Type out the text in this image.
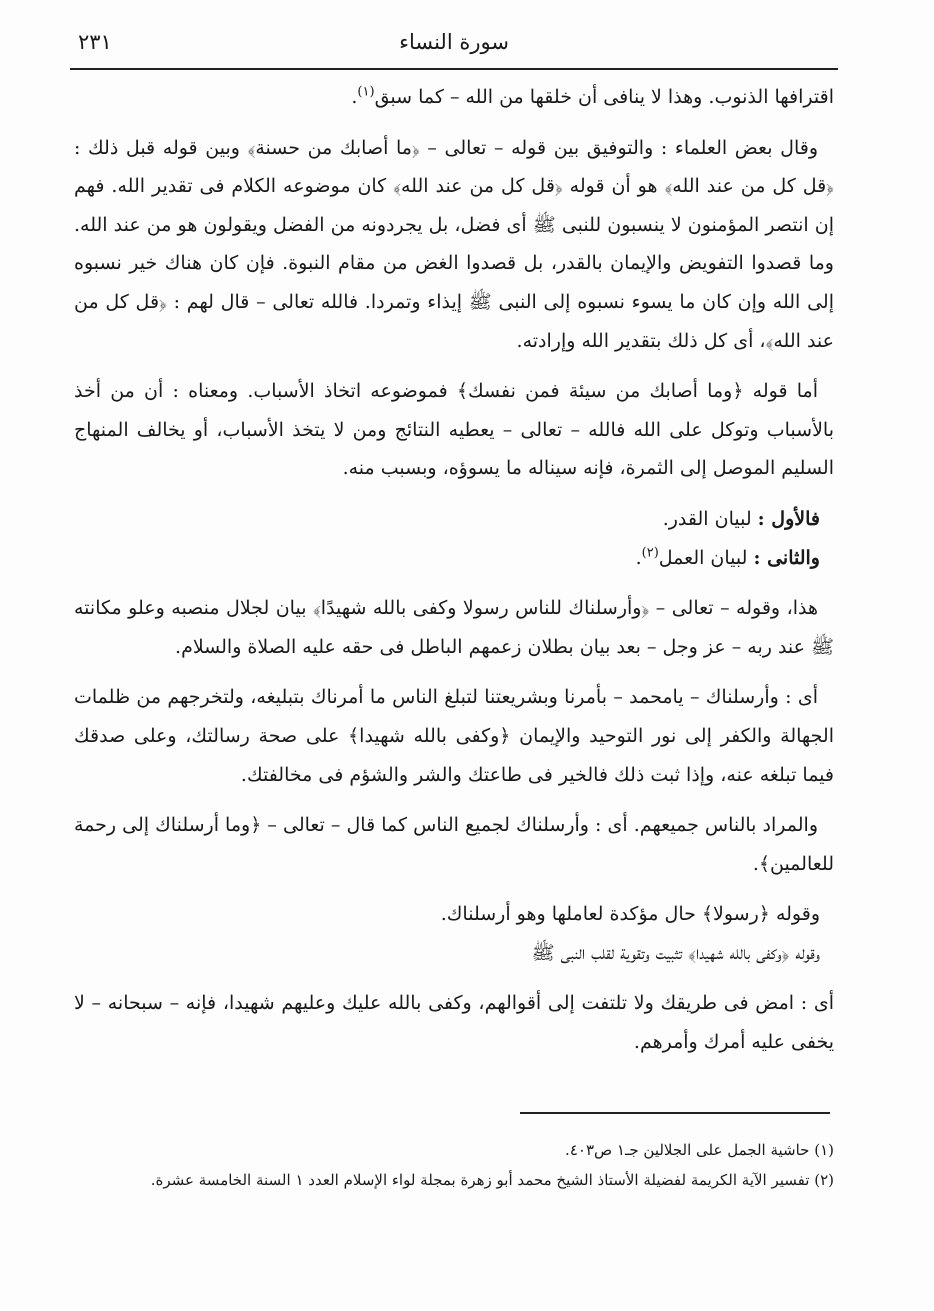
سورة النساء
٢٣١

اقترافها الذنوب. وهذا لا ينافى أن خلقها من الله – كما سبق$^{(١)}$.

وقال بعض العلماء : والتوفيق بين قوله – تعالى – ﴿ما أصابك من حسنة﴾ وبين قوله قبل ذلك : ﴿قل كل من عند الله﴾ هو أن قوله ﴿قل كل من عند الله﴾ كان موضوعه الكلام فى تقدير الله. فهم إن انتصر المؤمنون لا ينسبون للنبى ﷺ أى فضل، بل يجردونه من الفضل ويقولون هو من عند الله. وما قصدوا التفويض والإيمان بالقدر، بل قصدوا الغض من مقام النبوة. فإن كان هناك خير نسبوه إلى الله وإن كان ما يسوء نسبوه إلى النبى ﷺ إيذاء وتمردا. فالله تعالى – قال لهم : ﴿قل كل من عند الله﴾، أى كل ذلك بتقدير الله وإرادته.

أما قوله ﴿وما أصابك من سيئة فمن نفسك﴾ فموضوعه اتخاذ الأسباب. ومعناه : أن من أخذ بالأسباب وتوكل على الله فالله – تعالى – يعطيه النتائج ومن لا يتخذ الأسباب، أو يخالف المنهاج السليم الموصل إلى الثمرة، فإنه سيناله ما يسوؤه، وبسبب منه.

فالأول : لبيان القدر.

والثانى : لبيان العمل$^{(٢)}$.

هذا، وقوله – تعالى – ﴿وأرسلناك للناس رسولا وكفى بالله شهيدًا﴾ بيان لجلال منصبه وعلو مكانته ﷺ عند ربه – عز وجل – بعد بيان بطلان زعمهم الباطل فى حقه عليه الصلاة والسلام.

أى : وأرسلناك – يامحمد – بأمرنا وبشريعتنا لتبلغ الناس ما أمرناك بتبليغه، ولتخرجهم من ظلمات الجهالة والكفر إلى نور التوحيد والإيمان ﴿وكفى بالله شهيدا﴾ على صحة رسالتك، وعلى صدقك فيما تبلغه عنه، وإذا ثبت ذلك فالخير فى طاعتك والشر والشؤم فى مخالفتك.

والمراد بالناس جميعهم. أى : وأرسلناك لجميع الناس كما قال – تعالى – ﴿وما أرسلناك إلى رحمة للعالمين﴾.

وقوله ﴿رسولا﴾ حال مؤكدة لعاملها وهو أرسلناك.

وقوله ﴿وكفى بالله شهيدا﴾ تثبيت وتقوية لقلب النبى ﷺ

أى : امض فى طريقك ولا تلتفت إلى أقوالهم، وكفى بالله عليك وعليهم شهيدا، فإنه – سبحانه – لا يخفى عليه أمرك وأمرهم.

(١) حاشية الجمل على الجلالين جـ١ ص٤٠٣.

(٢) تفسير الآية الكريمة لفضيلة الأستاذ الشيخ محمد أبو زهرة بمجلة لواء الإسلام العدد ١ السنة الخامسة عشرة.
